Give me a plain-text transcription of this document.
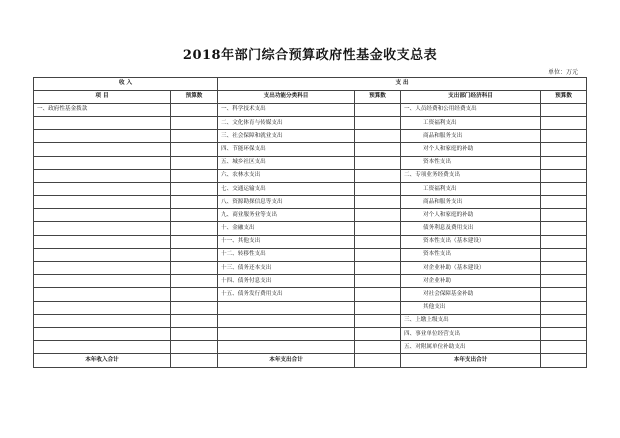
2018年部门综合预算政府性基金收支总表
单位：万元
收 入		支 出			
项 目	预算数	支出功能分类科目	预算数	支出部门经济科目	预算数
一、政府性基金拨款		一、科学技术支出		一、人员经费和公用经费支出	
		二、文化体育与传媒支出		工资福利支出	
		三、社会保障和就业支出		商品和服务支出	
		四、节能环保支出		对个人和家庭的补助	
		五、城乡社区支出		资本性支出	
		六、农林水支出		二、专项业务经费支出	
		七、交通运输支出		工资福利支出	
		八、资源勘探信息等支出		商品和服务支出	
		九、商业服务业等支出		对个人和家庭的补助	
		十、金融支出		债务利息及费用支出	
		十一、其他支出		资本性支出（基本建设）	
		十二、转移性支出		资本性支出	
		十三、债务还本支出		对企业补助（基本建设）	
		十四、债务付息支出		对企业补助	
		十五、债务发行费用支出		对社会保障基金补助	
				其他支出	
				三、上缴上级支出	
				四、事业单位经营支出	
				五、对附属单位补助支出	
本年收入合计		本年支出合计		本年支出合计	
